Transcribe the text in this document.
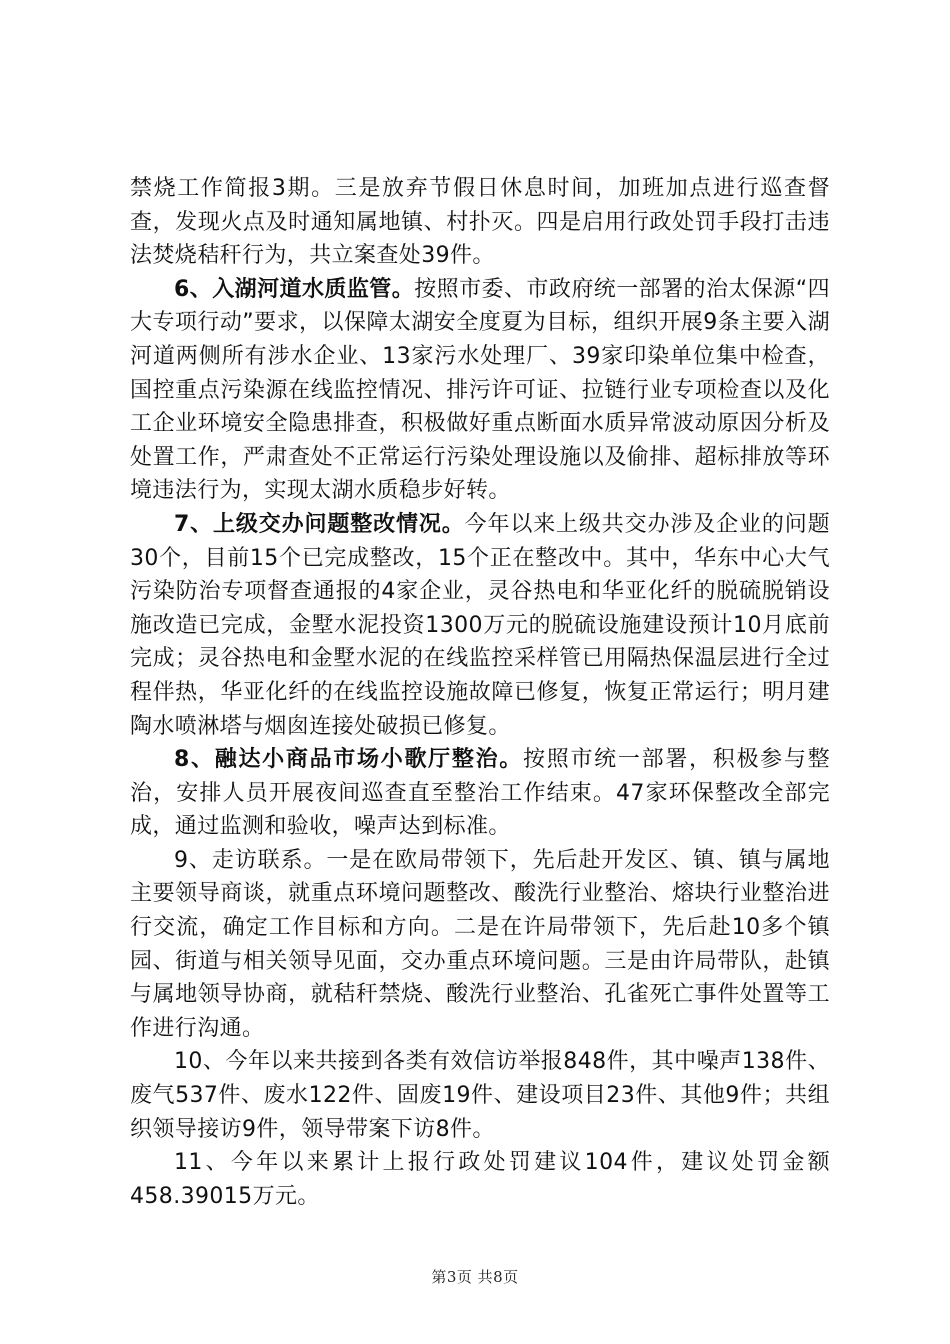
禁烧工作简报3期。三是放弃节假日休息时间，加班加点进行巡查督查，发现火点及时通知属地镇、村扑灭。四是启用行政处罚手段打击违法焚烧秸秆行为，共立案查处39件。

6、入湖河道水质监管。按照市委、市政府统一部署的治太保源“四大专项行动”要求，以保障太湖安全度夏为目标，组织开展9条主要入湖河道两侧所有涉水企业、13家污水处理厂、39家印染单位集中检查，国控重点污染源在线监控情况、排污许可证、拉链行业专项检查以及化工企业环境安全隐患排查，积极做好重点断面水质异常波动原因分析及处置工作，严肃查处不正常运行污染处理设施以及偷排、超标排放等环境违法行为，实现太湖水质稳步好转。

7、上级交办问题整改情况。今年以来上级共交办涉及企业的问题30个，目前15个已完成整改，15个正在整改中。其中，华东中心大气污染防治专项督查通报的4家企业，灵谷热电和华亚化纤的脱硫脱销设施改造已完成，金墅水泥投资1300万元的脱硫设施建设预计10月底前完成；灵谷热电和金墅水泥的在线监控采样管已用隔热保温层进行全过程伴热，华亚化纤的在线监控设施故障已修复，恢复正常运行；明月建陶水喷淋塔与烟囱连接处破损已修复。

8、融达小商品市场小歌厅整治。按照市统一部署，积极参与整治，安排人员开展夜间巡查直至整治工作结束。47家环保整改全部完成，通过监测和验收，噪声达到标准。

9、走访联系。一是在欧局带领下，先后赴开发区、镇、镇与属地主要领导商谈，就重点环境问题整改、酸洗行业整治、熔块行业整治进行交流，确定工作目标和方向。二是在许局带领下，先后赴10多个镇园、街道与相关领导见面，交办重点环境问题。三是由许局带队，赴镇与属地领导协商，就秸秆禁烧、酸洗行业整治、孔雀死亡事件处置等工作进行沟通。

10、今年以来共接到各类有效信访举报848件，其中噪声138件、废气537件、废水122件、固废19件、建设项目23件、其他9件；共组织领导接访9件，领导带案下访8件。

11、今年以来累计上报行政处罚建议104件，建议处罚金额458.39015万元。

第3页 共8页
